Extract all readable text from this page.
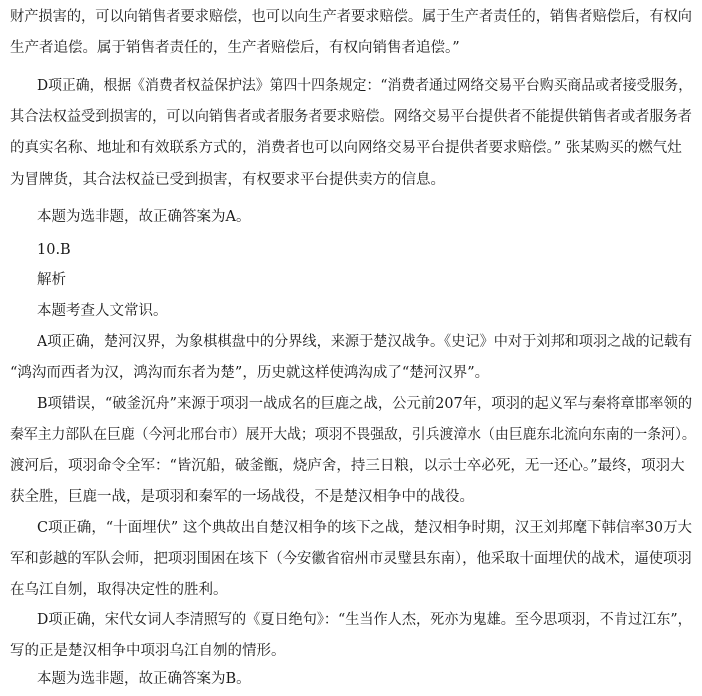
财产损害的，可以向销售者要求赔偿，也可以向生产者要求赔偿。属于生产者责任的，销售者赔偿后，有权向
生产者追偿。属于销售者责任的，生产者赔偿后，有权向销售者追偿。”
D项正确，根据《消费者权益保护法》第四十四条规定：“消费者通过网络交易平台购买商品或者接受服务，
其合法权益受到损害的，可以向销售者或者服务者要求赔偿。网络交易平台提供者不能提供销售者或者服务者
的真实名称、地址和有效联系方式的，消费者也可以向网络交易平台提供者要求赔偿。” 张某购买的燃气灶
为冒牌货，其合法权益已受到损害，有权要求平台提供卖方的信息。
本题为选非题，故正确答案为A。
10.B
解析
本题考查人文常识。
A项正确，楚河汉界，为象棋棋盘中的分界线，来源于楚汉战争。《史记》中对于刘邦和项羽之战的记载有
“鸿沟而西者为汉，鸿沟而东者为楚”，历史就这样使鸿沟成了“楚河汉界”。
B项错误，“破釜沉舟”来源于项羽一战成名的巨鹿之战，公元前207年，项羽的起义军与秦将章邯率领的
秦军主力部队在巨鹿（今河北邢台市）展开大战；项羽不畏强敌，引兵渡漳水（由巨鹿东北流向东南的一条河）。
渡河后，项羽命令全军：“皆沉船，破釜甑，烧庐舍，持三日粮，以示士卒必死，无一还心。”最终，项羽大
获全胜，巨鹿一战，是项羽和秦军的一场战役，不是楚汉相争中的战役。
C项正确，“十面埋伏” 这个典故出自楚汉相争的垓下之战，楚汉相争时期，汉王刘邦麾下韩信率30万大
军和彭越的军队会师，把项羽围困在垓下（今安徽省宿州市灵璧县东南），他采取十面埋伏的战术，逼使项羽
在乌江自刎，取得决定性的胜利。
D项正确，宋代女词人李清照写的《夏日绝句》：“生当作人杰，死亦为鬼雄。至今思项羽，不肯过江东”，
写的正是楚汉相争中项羽乌江自刎的情形。
本题为选非题，故正确答案为B。
